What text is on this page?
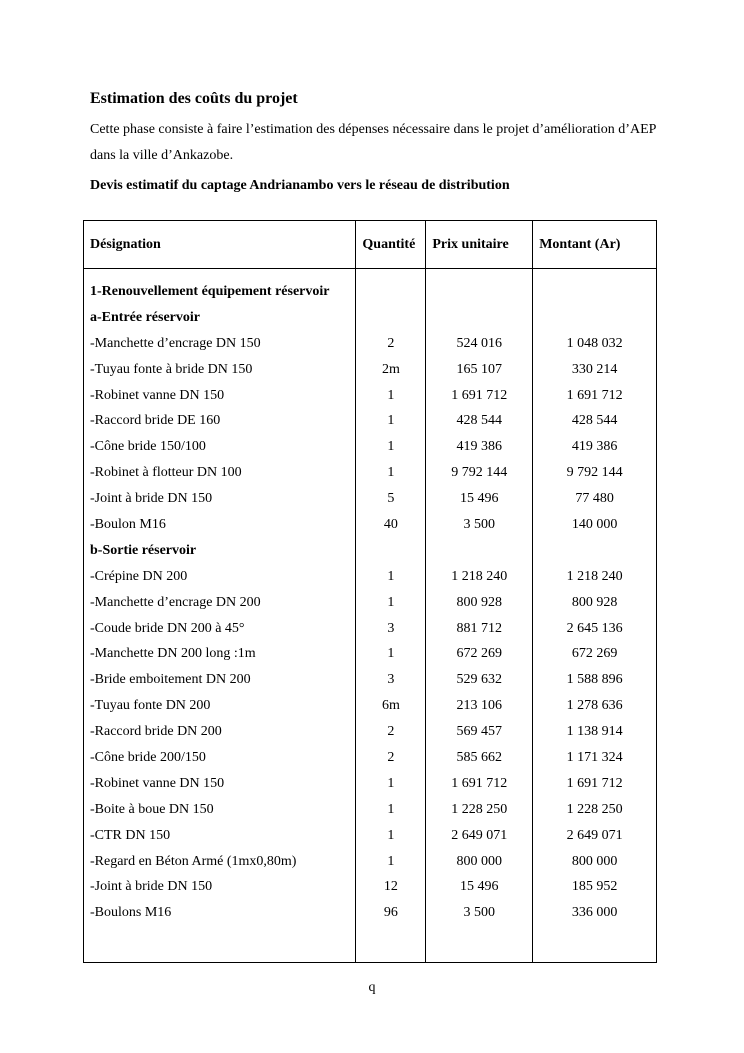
Estimation des coûts du projet
Cette phase consiste à faire l’estimation des dépenses nécessaire dans le projet d’amélioration d’AEP dans la ville d’Ankazobe.
Devis estimatif du captage Andrianambo vers le réseau de distribution
Désignation	Quantité	Prix unitaire	Montant (Ar)

1-Renouvellement équipement réservoir			
a-Entrée réservoir			
-Manchette d’encrage DN 150	2	524 016	1 048 032
-Tuyau fonte à bride DN 150	2m	165 107	330 214
-Robinet vanne DN 150	1	1 691 712	1 691 712
-Raccord bride DE 160	1	428 544	428 544
-Cône bride 150/100	1	419 386	419 386
-Robinet à flotteur DN 100	1	9 792 144	9 792 144
-Joint à bride DN 150	5	15 496	77 480
-Boulon M16	40	3 500	140 000
b-Sortie réservoir			
-Crépine DN 200	1	1 218 240	1 218 240
-Manchette d’encrage DN 200	1	800 928	800 928
-Coude bride DN 200 à 45°	3	881 712	2 645 136
-Manchette DN 200 long :1m	1	672 269	672 269
-Bride emboitement DN 200	3	529 632	1 588 896
-Tuyau fonte DN 200	6m	213 106	1 278 636
-Raccord bride DN 200	2	569 457	1 138 914
-Cône bride 200/150	2	585 662	1 171 324
-Robinet vanne DN 150	1	1 691 712	1 691 712
-Boite à boue DN 150	1	1 228 250	1 228 250
-CTR DN 150	1	2 649 071	2 649 071
-Regard en Béton Armé (1mx0,80m)	1	800 000	800 000
-Joint à bride DN 150	12	15 496	185 952
-Boulons M16	96	3 500	336 000

q
